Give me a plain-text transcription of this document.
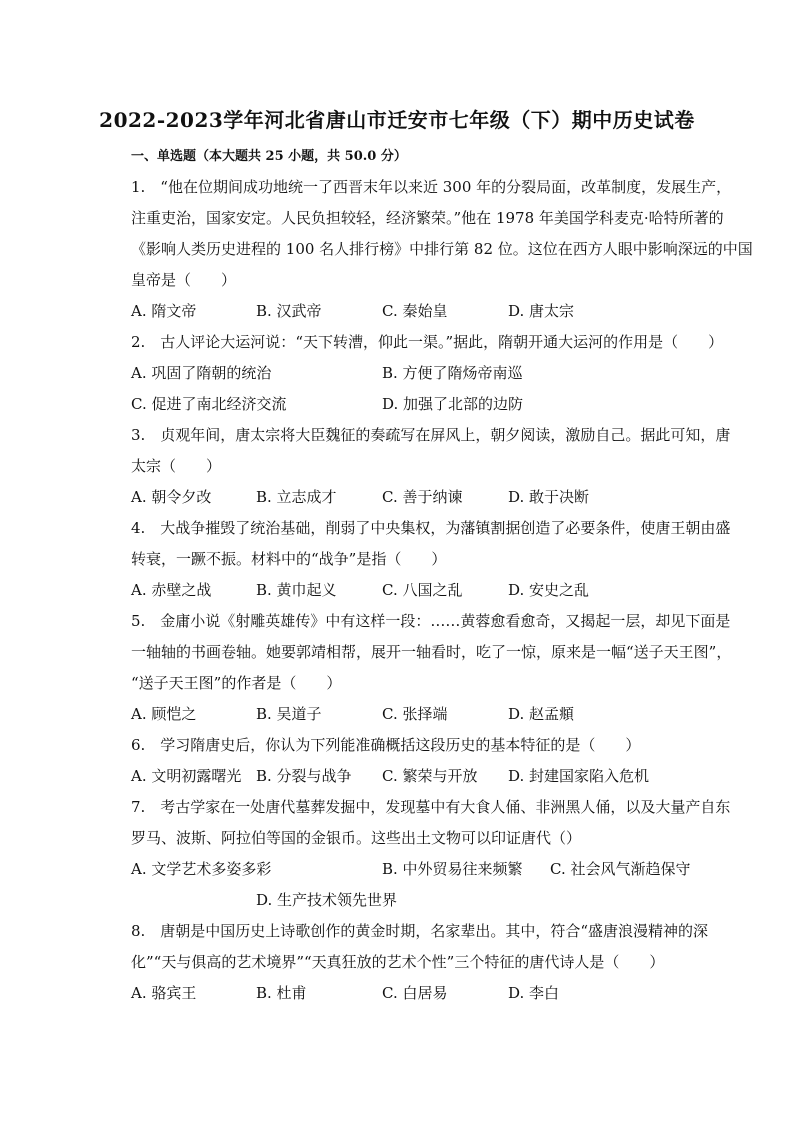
2022-2023学年河北省唐山市迁安市七年级（下）期中历史试卷
一、单选题（本大题共 25 小题，共 50.0 分）
1.　“他在位期间成功地统一了西晋末年以来近 300 年的分裂局面，改革制度，发展生产，
注重吏治，国家安定。人民负担较轻，经济繁荣。”他在 1978 年美国学科麦克·哈特所著的
《影响人类历史进程的 100 名人排行榜》中排行第 82 位。这位在西方人眼中影响深远的中国
皇帝是（　　）
A. 隋文帝	B. 汉武帝	C. 秦始皇	D. 唐太宗
2.　古人评论大运河说：“天下转漕，仰此一渠。”据此，隋朝开通大运河的作用是（　　）
A. 巩固了隋朝的统治	B. 方便了隋炀帝南巡
C. 促进了南北经济交流	D. 加强了北部的边防
3.　贞观年间，唐太宗将大臣魏征的奏疏写在屏风上，朝夕阅读，激励自己。据此可知，唐
太宗（　　）
A. 朝令夕改	B. 立志成才	C. 善于纳谏	D. 敢于决断
4.　大战争摧毁了统治基础，削弱了中央集权，为藩镇割据创造了必要条件，使唐王朝由盛
转衰，一蹶不振。材料中的“战争”是指（　　）
A. 赤壁之战	B. 黄巾起义	C. 八国之乱	D. 安史之乱
5.　金庸小说《射雕英雄传》中有这样一段：……黄蓉愈看愈奇，又揭起一层，却见下面是
一轴轴的书画卷轴。她要郭靖相帮，展开一轴看时，吃了一惊，原来是一幅“送子天王图”，
“送子天王图”的作者是（　　）
A. 顾恺之	B. 吴道子	C. 张择端	D. 赵孟頫
6.　学习隋唐史后，你认为下列能准确概括这段历史的基本特征的是（　　）
A. 文明初露曙光 B. 分裂与战争 C. 繁荣与开放 D. 封建国家陷入危机
7.　考古学家在一处唐代墓葬发掘中，发现墓中有大食人俑、非洲黑人俑，以及大量产自东
罗马、波斯、阿拉伯等国的金银币。这些出土文物可以印证唐代（）
A. 文学艺术多姿多彩	B. 中外贸易往来频繁 C. 社会风气渐趋保守
D. 生产技术领先世界
8.　唐朝是中国历史上诗歌创作的黄金时期，名家辈出。其中，符合“盛唐浪漫精神的深
化”“天与俱高的艺术境界”“天真狂放的艺术个性”三个特征的唐代诗人是（　　）
A. 骆宾王	B. 杜甫	C. 白居易	D. 李白
